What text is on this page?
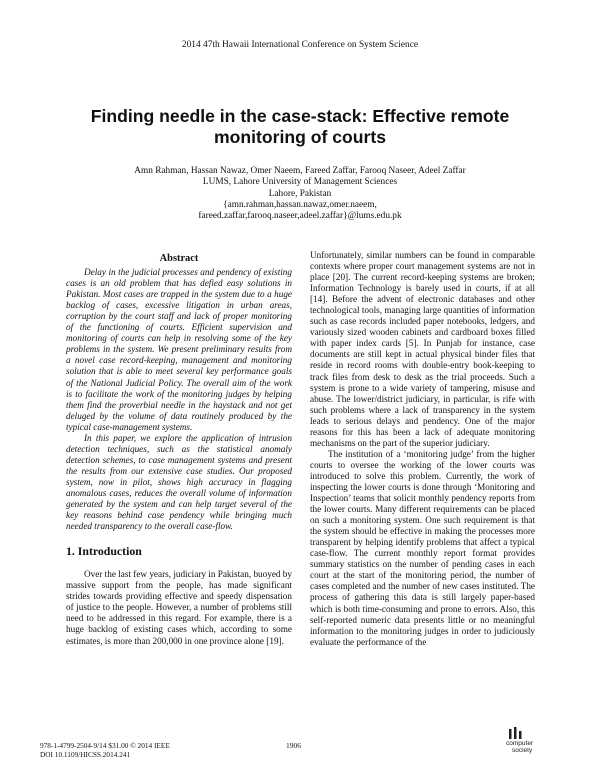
2014 47th Hawaii International Conference on System Science
Finding needle in the case-stack: Effective remote
monitoring of courts
Amn Rahman, Hassan Nawaz, Omer Naeem, Fareed Zaffar, Farooq Naseer, Adeel Zaffar
LUMS, Lahore University of Management Sciences
Lahore, Pakistan
{amn.rahman,hassan.nawaz,omer.naeem,
fareed.zaffar,farooq.naseer,adeel.zaffar}@lums.edu.pk
Abstract

Delay in the judicial processes and pendency of existing cases is an old problem that has defied easy solutions in Pakistan. Most cases are trapped in the system due to a huge backlog of cases, excessive litigation in urban areas, corruption by the court staff and lack of proper monitoring of the functioning of courts. Efficient supervision and monitoring of courts can help in resolving some of the key problems in the system. We present preliminary results from a novel case record-keeping, management and monitoring solution that is able to meet several key performance goals of the National Judicial Policy. The overall aim of the work is to facilitate the work of the monitoring judges by helping them find the proverbial needle in the haystack and not get deluged by the volume of data routinely produced by the typical case-management systems.

In this paper, we explore the application of intrusion detection techniques, such as the statistical anomaly detection schemes, to case management systems and present the results from our extensive case studies. Our proposed system, now in pilot, shows high accuracy in flagging anomalous cases, reduces the overall volume of information generated by the system and can help target several of the key reasons behind case pendency while bringing much needed transparency to the overall case-flow.

1. Introduction

Over the last few years, judiciary in Pakistan, buoyed by massive support from the people, has made significant strides towards providing effective and speedy dispensation of justice to the people. However, a number of problems still need to be addressed in this regard. For example, there is a huge backlog of existing cases which, according to some estimates, is more than 200,000 in one province alone [19].

Unfortunately, similar numbers can be found in comparable contexts where proper court management systems are not in place [20]. The current record-keeping systems are broken; Information Technology is barely used in courts, if at all [14]. Before the advent of electronic databases and other technological tools, managing large quantities of information such as case records included paper notebooks, ledgers, and variously sized wooden cabinets and cardboard boxes filled with paper index cards [5]. In Punjab for instance, case documents are still kept in actual physical binder files that reside in record rooms with double-entry book-keeping to track files from desk to desk as the trial proceeds. Such a system is prone to a wide variety of tampering, misuse and abuse. The lower/district judiciary, in particular, is rife with such problems where a lack of transparency in the system leads to serious delays and pendency. One of the major reasons for this has been a lack of adequate monitoring mechanisms on the part of the superior judiciary.

The institution of a ‘monitoring judge’ from the higher courts to oversee the working of the lower courts was introduced to solve this problem. Currently, the work of inspecting the lower courts is done through ‘Monitoring and Inspection’ teams that solicit monthly pendency reports from the lower courts. Many different requirements can be placed on such a monitoring system. One such requirement is that the system should be effective in making the processes more transparent by helping identify problems that affect a typical case-flow. The current monthly report format provides summary statistics on the number of pending cases in each court at the start of the monitoring period, the number of cases completed and the number of new cases instituted. The process of gathering this data is still largely paper-based which is both time-consuming and prone to errors. Also, this self-reported numeric data presents little or no meaningful information to the monitoring judges in order to judiciously evaluate the performance of the

978-1-4799-2504-9/14 $31.00 © 2014 IEEE
DOI 10.1109/HICSS.2014.241
1906	computer
society
